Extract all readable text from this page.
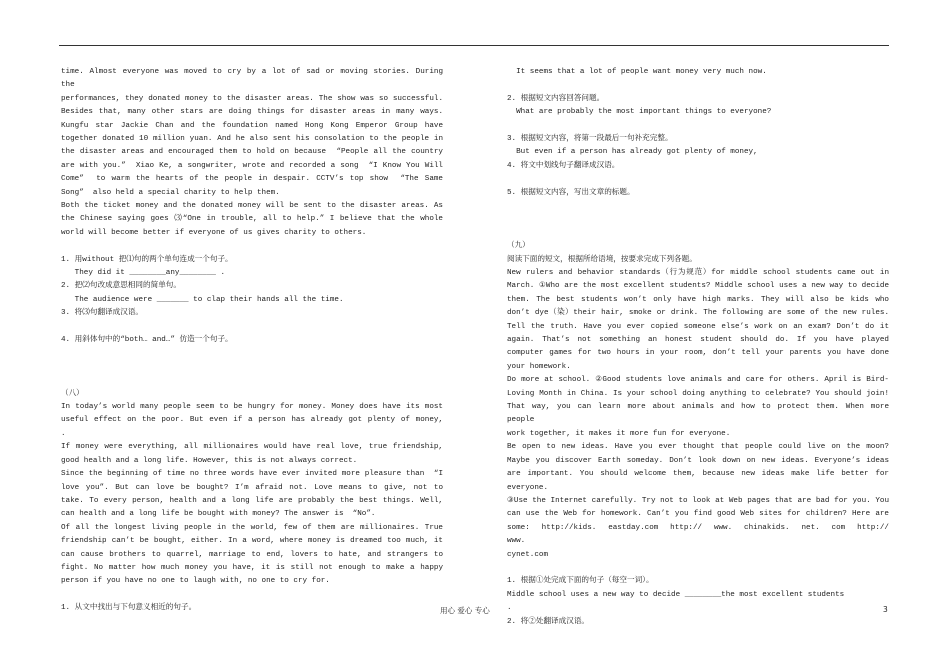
time. Almost everyone was moved to cry by a lot of sad or moving stories. During the

performances, they donated money to the disaster areas. The show was so successful.

Besides that, many other stars are doing things for disaster areas in many ways.

Kungfu star Jackie Chan and the foundation named Hong Kong Emperor Group have

together donated 10 million yuan. And he also sent his consolation to the people in

the disaster areas and encouraged them to hold on because  “People all the country

are with you.”  Xiao Ke, a songwriter, wrote and recorded a song  “I Know You Will

Come”  to warm the hearts of the people in despair. CCTV’s top show  “The Same

Song”  also held a special charity to help them.

Both the ticket money and the donated money will be sent to the disaster areas. As

the Chinese saying goes ⑶“One in trouble, all to help.” I believe that the whole

world will become better if everyone of us gives charity to others.

1. 用without 把⑴句的两个单句连成一个句子。

They did it ________any________ .

2. 把⑵句改成意思相同的简单句。

The audience were _______ to clap their hands all the time.

3. 将⑶句翻译成汉语。

4. 用斜体句中的“both… and…” 仿造一个句子。

（八）

In today’s world many people seem to be hungry for money. Money does have its most

useful effect on the poor. But even if a person has already got plenty of money,

.

If money were everything, all millionaires would have real love, true friendship,

good health and a long life. However, this is not always correct.

Since the beginning of time no three words have ever invited more pleasure than  “I

love you”. But can love be bought? I’m afraid not. Love means to give, not to

take. To every person, health and a long life are probably the best things. Well,

can health and a long life be bought with money? The answer is  “No”.

Of all the longest living people in the world, few of them are millionaires. True

friendship can’t be bought, either. In a word, where money is dreamed too much, it

can cause brothers to quarrel, marriage to end, lovers to hate, and strangers to

fight. No matter how much money you have, it is still not enough to make a happy

person if you have no one to laugh with, no one to cry for.

1. 从文中找出与下句意义相近的句子。

It seems that a lot of people want money very much now.

2. 根据短文内容回答问题。

What are probably the most important things to everyone?

3. 根据短文内容，将第一段最后一句补充完整。

But even if a person has already got plenty of money,

4. 将文中划线句子翻译成汉语。

5. 根据短文内容，写出文章的标题。

（九）

阅读下面的短文，根据所给语境，按要求完成下列各题。

New rulers and behavior standards（行为规范）for middle school students came out in

March. ①Who are the most excellent students? Middle school uses a new way to decide

them. The best students won’t only have high marks. They will also be kids who

don’t dye（染）their hair, smoke or drink. The following are some of the new rules.

Tell the truth. Have you ever copied someone else’s work on an exam? Don’t do it

again. That’s not something an honest student should do. If you have played

computer games for two hours in your room, don’t tell your parents you have done

your homework.

Do more at school. ②Good students love animals and care for others. April is Bird-

Loving Month in China. Is your school doing anything to celebrate? You should join!

That way, you can learn more about animals and how to protect them. When more people

work together, it makes it more fun for everyone.

Be open to new ideas. Have you ever thought that people could live on the moon?

Maybe you discover Earth someday. Don’t look down on new ideas. Everyone’s ideas

are important. You should welcome them, because new ideas make life better for

everyone.

③Use the Internet carefully. Try not to look at Web pages that are bad for you. You

can use the Web for homework. Can’t you find good Web sites for children? Here are

some:  http://kids.  eastday.com  http://  www.  chinakids.  net.  com  http://  www.

cynet.com

1. 根据①处完成下面的句子（每空一词）。

Middle school uses a new way to decide ________the most excellent students          .

2. 将②处翻译成汉语。

用心 爱心 专心	3
